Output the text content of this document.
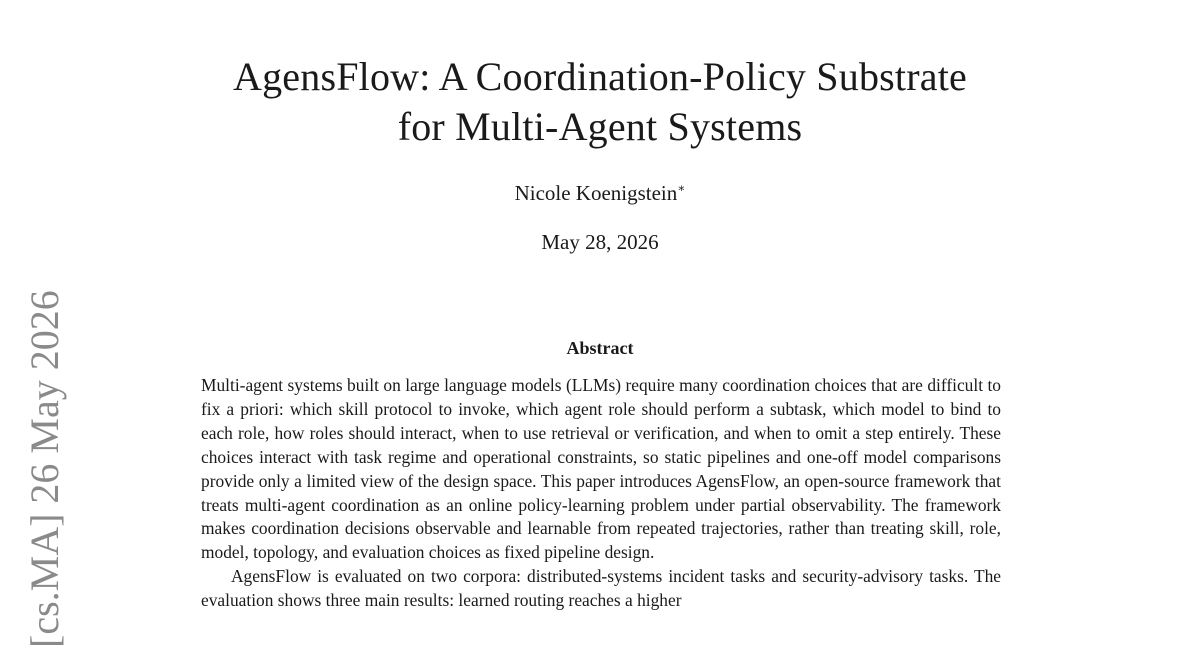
AgensFlow: A Coordination-Policy Substrate
for Multi-Agent Systems
Nicole Koenigstein∗
May 28, 2026
Abstract

Multi-agent systems built on large language models (LLMs) require many coordination choices that are difficult to fix a priori: which skill protocol to invoke, which agent role should perform a subtask, which model to bind to each role, how roles should interact, when to use retrieval or verification, and when to omit a step entirely. These choices interact with task regime and operational constraints, so static pipelines and one-off model comparisons provide only a limited view of the design space. This paper introduces AgensFlow, an open-source framework that treats multi-agent coordination as an online policy-learning problem under partial observability. The framework makes coordination decisions observable and learnable from repeated trajectories, rather than treating skill, role, model, topology, and evaluation choices as fixed pipeline design.

AgensFlow is evaluated on two corpora: distributed-systems incident tasks and security-advisory tasks. The evaluation shows three main results: learned routing reaches a higher

[cs.MA] 26 May 2026
